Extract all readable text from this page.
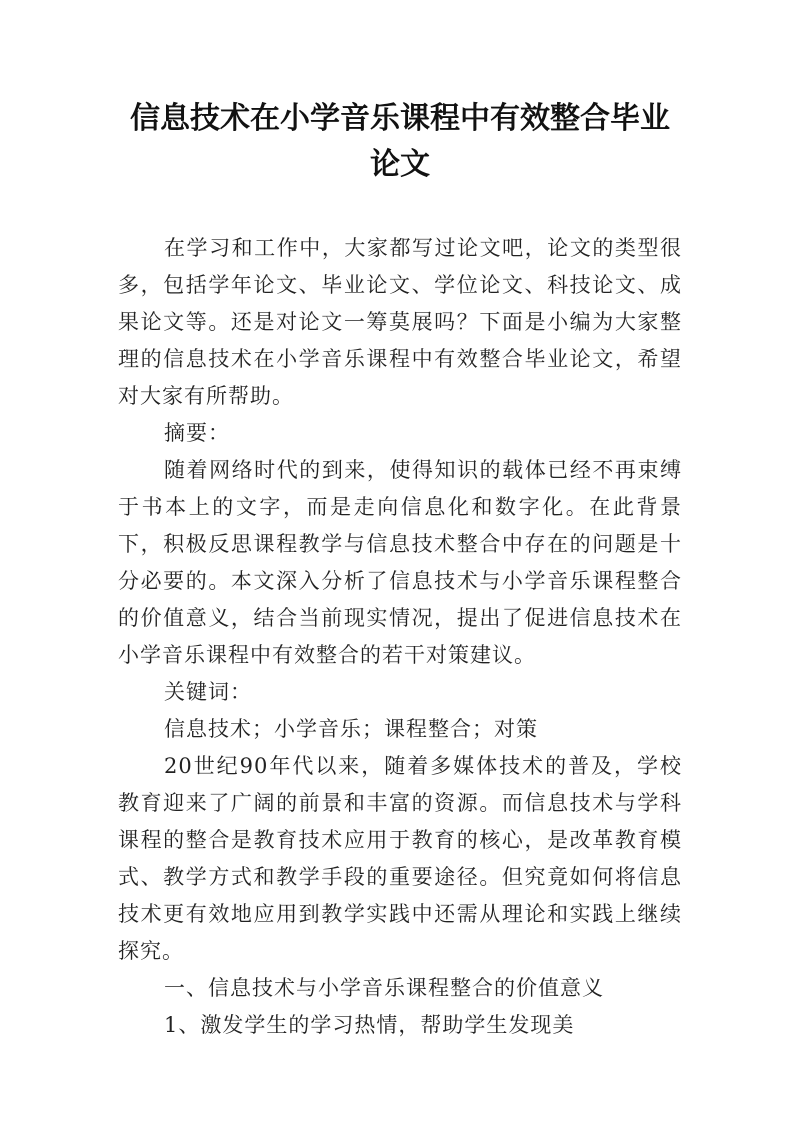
信息技术在小学音乐课程中有效整合毕业
论文

在学习和工作中，大家都写过论文吧，论文的类型很多，包括学年论文、毕业论文、学位论文、科技论文、成果论文等。还是对论文一筹莫展吗？下面是小编为大家整理的信息技术在小学音乐课程中有效整合毕业论文，希望对大家有所帮助。

摘要：

随着网络时代的到来，使得知识的载体已经不再束缚于书本上的文字，而是走向信息化和数字化。在此背景下，积极反思课程教学与信息技术整合中存在的问题是十分必要的。本文深入分析了信息技术与小学音乐课程整合的价值意义，结合当前现实情况，提出了促进信息技术在小学音乐课程中有效整合的若干对策建议。

关键词：

信息技术；小学音乐；课程整合；对策

20世纪90年代以来，随着多媒体技术的普及，学校教育迎来了广阔的前景和丰富的资源。而信息技术与学科课程的整合是教育技术应用于教育的核心，是改革教育模式、教学方式和教学手段的重要途径。但究竟如何将信息技术更有效地应用到教学实践中还需从理论和实践上继续探究。

一、信息技术与小学音乐课程整合的价值意义

1、激发学生的学习热情，帮助学生发现美
